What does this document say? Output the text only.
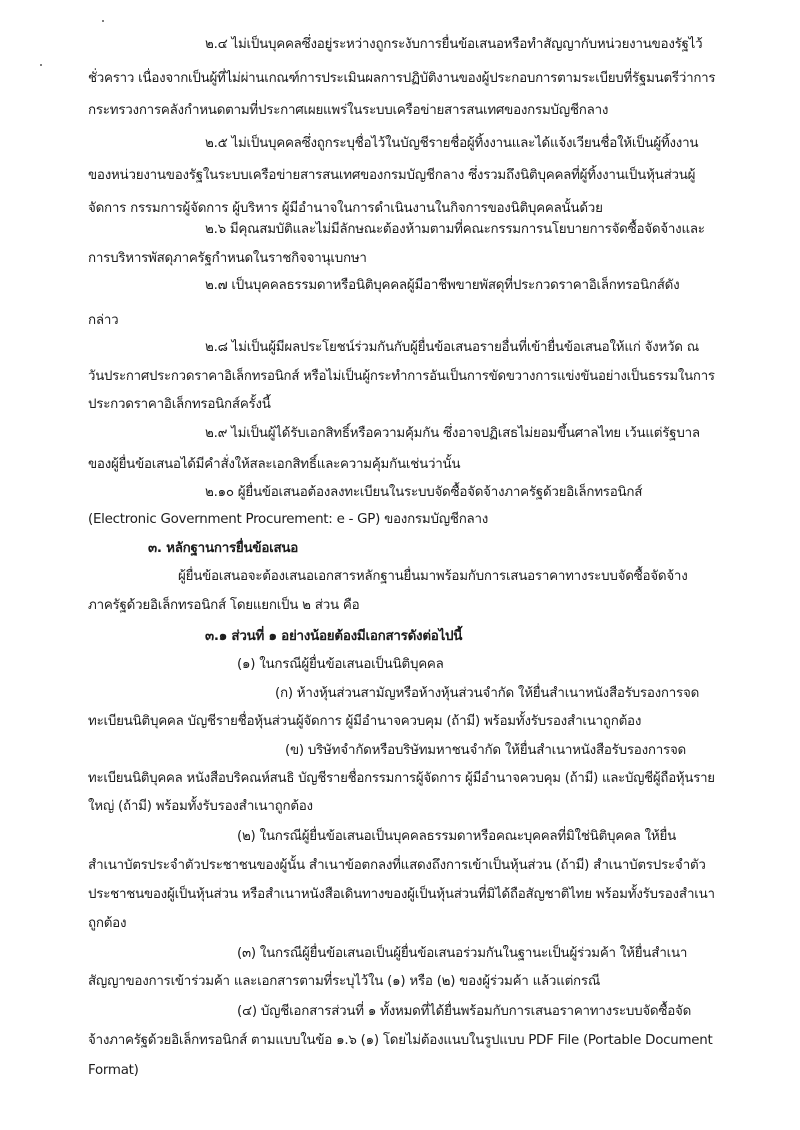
๒.๔ ไม่เป็นบุคคลซึ่งอยู่ระหว่างถูกระงับการยื่นข้อเสนอหรือทำสัญญากับหน่วยงานของรัฐไว้
ชั่วคราว เนื่องจากเป็นผู้ที่ไม่ผ่านเกณฑ์การประเมินผลการปฏิบัติงานของผู้ประกอบการตามระเบียบที่รัฐมนตรีว่าการ
กระทรวงการคลังกำหนดตามที่ประกาศเผยแพร่ในระบบเครือข่ายสารสนเทศของกรมบัญชีกลาง
๒.๕ ไม่เป็นบุคคลซึ่งถูกระบุชื่อไว้ในบัญชีรายชื่อผู้ทิ้งงานและได้แจ้งเวียนชื่อให้เป็นผู้ทิ้งงาน
ของหน่วยงานของรัฐในระบบเครือข่ายสารสนเทศของกรมบัญชีกลาง ซึ่งรวมถึงนิติบุคคลที่ผู้ทิ้งงานเป็นหุ้นส่วนผู้
จัดการ กรรมการผู้จัดการ ผู้บริหาร ผู้มีอำนาจในการดำเนินงานในกิจการของนิติบุคคลนั้นด้วย
๒.๖ มีคุณสมบัติและไม่มีลักษณะต้องห้ามตามที่คณะกรรมการนโยบายการจัดซื้อจัดจ้างและ
การบริหารพัสดุภาครัฐกำหนดในราชกิจจานุเบกษา
๒.๗ เป็นบุคคลธรรมดาหรือนิติบุคคลผู้มีอาชีพขายพัสดุที่ประกวดราคาอิเล็กทรอนิกส์ดัง
กล่าว
๒.๘ ไม่เป็นผู้มีผลประโยชน์ร่วมกันกับผู้ยื่นข้อเสนอรายอื่นที่เข้ายื่นข้อเสนอให้แก่ จังหวัด ณ
วันประกาศประกวดราคาอิเล็กทรอนิกส์ หรือไม่เป็นผู้กระทำการอันเป็นการขัดขวางการแข่งขันอย่างเป็นธรรมในการ
ประกวดราคาอิเล็กทรอนิกส์ครั้งนี้
๒.๙ ไม่เป็นผู้ได้รับเอกสิทธิ์หรือความคุ้มกัน ซึ่งอาจปฏิเสธไม่ยอมขึ้นศาลไทย เว้นแต่รัฐบาล
ของผู้ยื่นข้อเสนอได้มีคำสั่งให้สละเอกสิทธิ์และความคุ้มกันเช่นว่านั้น
๒.๑๐ ผู้ยื่นข้อเสนอต้องลงทะเบียนในระบบจัดซื้อจัดจ้างภาครัฐด้วยอิเล็กทรอนิกส์
(Electronic Government Procurement: e - GP) ของกรมบัญชีกลาง
๓. หลักฐานการยื่นข้อเสนอ
ผู้ยื่นข้อเสนอจะต้องเสนอเอกสารหลักฐานยื่นมาพร้อมกับการเสนอราคาทางระบบจัดซื้อจัดจ้าง
ภาครัฐด้วยอิเล็กทรอนิกส์ โดยแยกเป็น ๒ ส่วน คือ
๓.๑ ส่วนที่ ๑ อย่างน้อยต้องมีเอกสารดังต่อไปนี้
(๑) ในกรณีผู้ยื่นข้อเสนอเป็นนิติบุคคล
(ก) ห้างหุ้นส่วนสามัญหรือห้างหุ้นส่วนจำกัด ให้ยื่นสำเนาหนังสือรับรองการจด
ทะเบียนนิติบุคคล บัญชีรายชื่อหุ้นส่วนผู้จัดการ ผู้มีอำนาจควบคุม (ถ้ามี) พร้อมทั้งรับรองสำเนาถูกต้อง
(ข) บริษัทจำกัดหรือบริษัทมหาชนจำกัด ให้ยื่นสำเนาหนังสือรับรองการจด
ทะเบียนนิติบุคคล หนังสือบริคณห์สนธิ บัญชีรายชื่อกรรมการผู้จัดการ ผู้มีอำนาจควบคุม (ถ้ามี) และบัญชีผู้ถือหุ้นราย
ใหญ่ (ถ้ามี) พร้อมทั้งรับรองสำเนาถูกต้อง
(๒) ในกรณีผู้ยื่นข้อเสนอเป็นบุคคลธรรมดาหรือคณะบุคคลที่มิใช่นิติบุคคล ให้ยื่น
สำเนาบัตรประจำตัวประชาชนของผู้นั้น สำเนาข้อตกลงที่แสดงถึงการเข้าเป็นหุ้นส่วน (ถ้ามี) สำเนาบัตรประจำตัว
ประชาชนของผู้เป็นหุ้นส่วน หรือสำเนาหนังสือเดินทางของผู้เป็นหุ้นส่วนที่มิได้ถือสัญชาติไทย พร้อมทั้งรับรองสำเนา
ถูกต้อง
(๓) ในกรณีผู้ยื่นข้อเสนอเป็นผู้ยื่นข้อเสนอร่วมกันในฐานะเป็นผู้ร่วมค้า ให้ยื่นสำเนา
สัญญาของการเข้าร่วมค้า และเอกสารตามที่ระบุไว้ใน (๑) หรือ (๒) ของผู้ร่วมค้า แล้วแต่กรณี
(๔) บัญชีเอกสารส่วนที่ ๑ ทั้งหมดที่ได้ยื่นพร้อมกับการเสนอราคาทางระบบจัดซื้อจัด
จ้างภาครัฐด้วยอิเล็กทรอนิกส์ ตามแบบในข้อ ๑.๖ (๑) โดยไม่ต้องแนบในรูปแบบ PDF File (Portable Document
Format)
